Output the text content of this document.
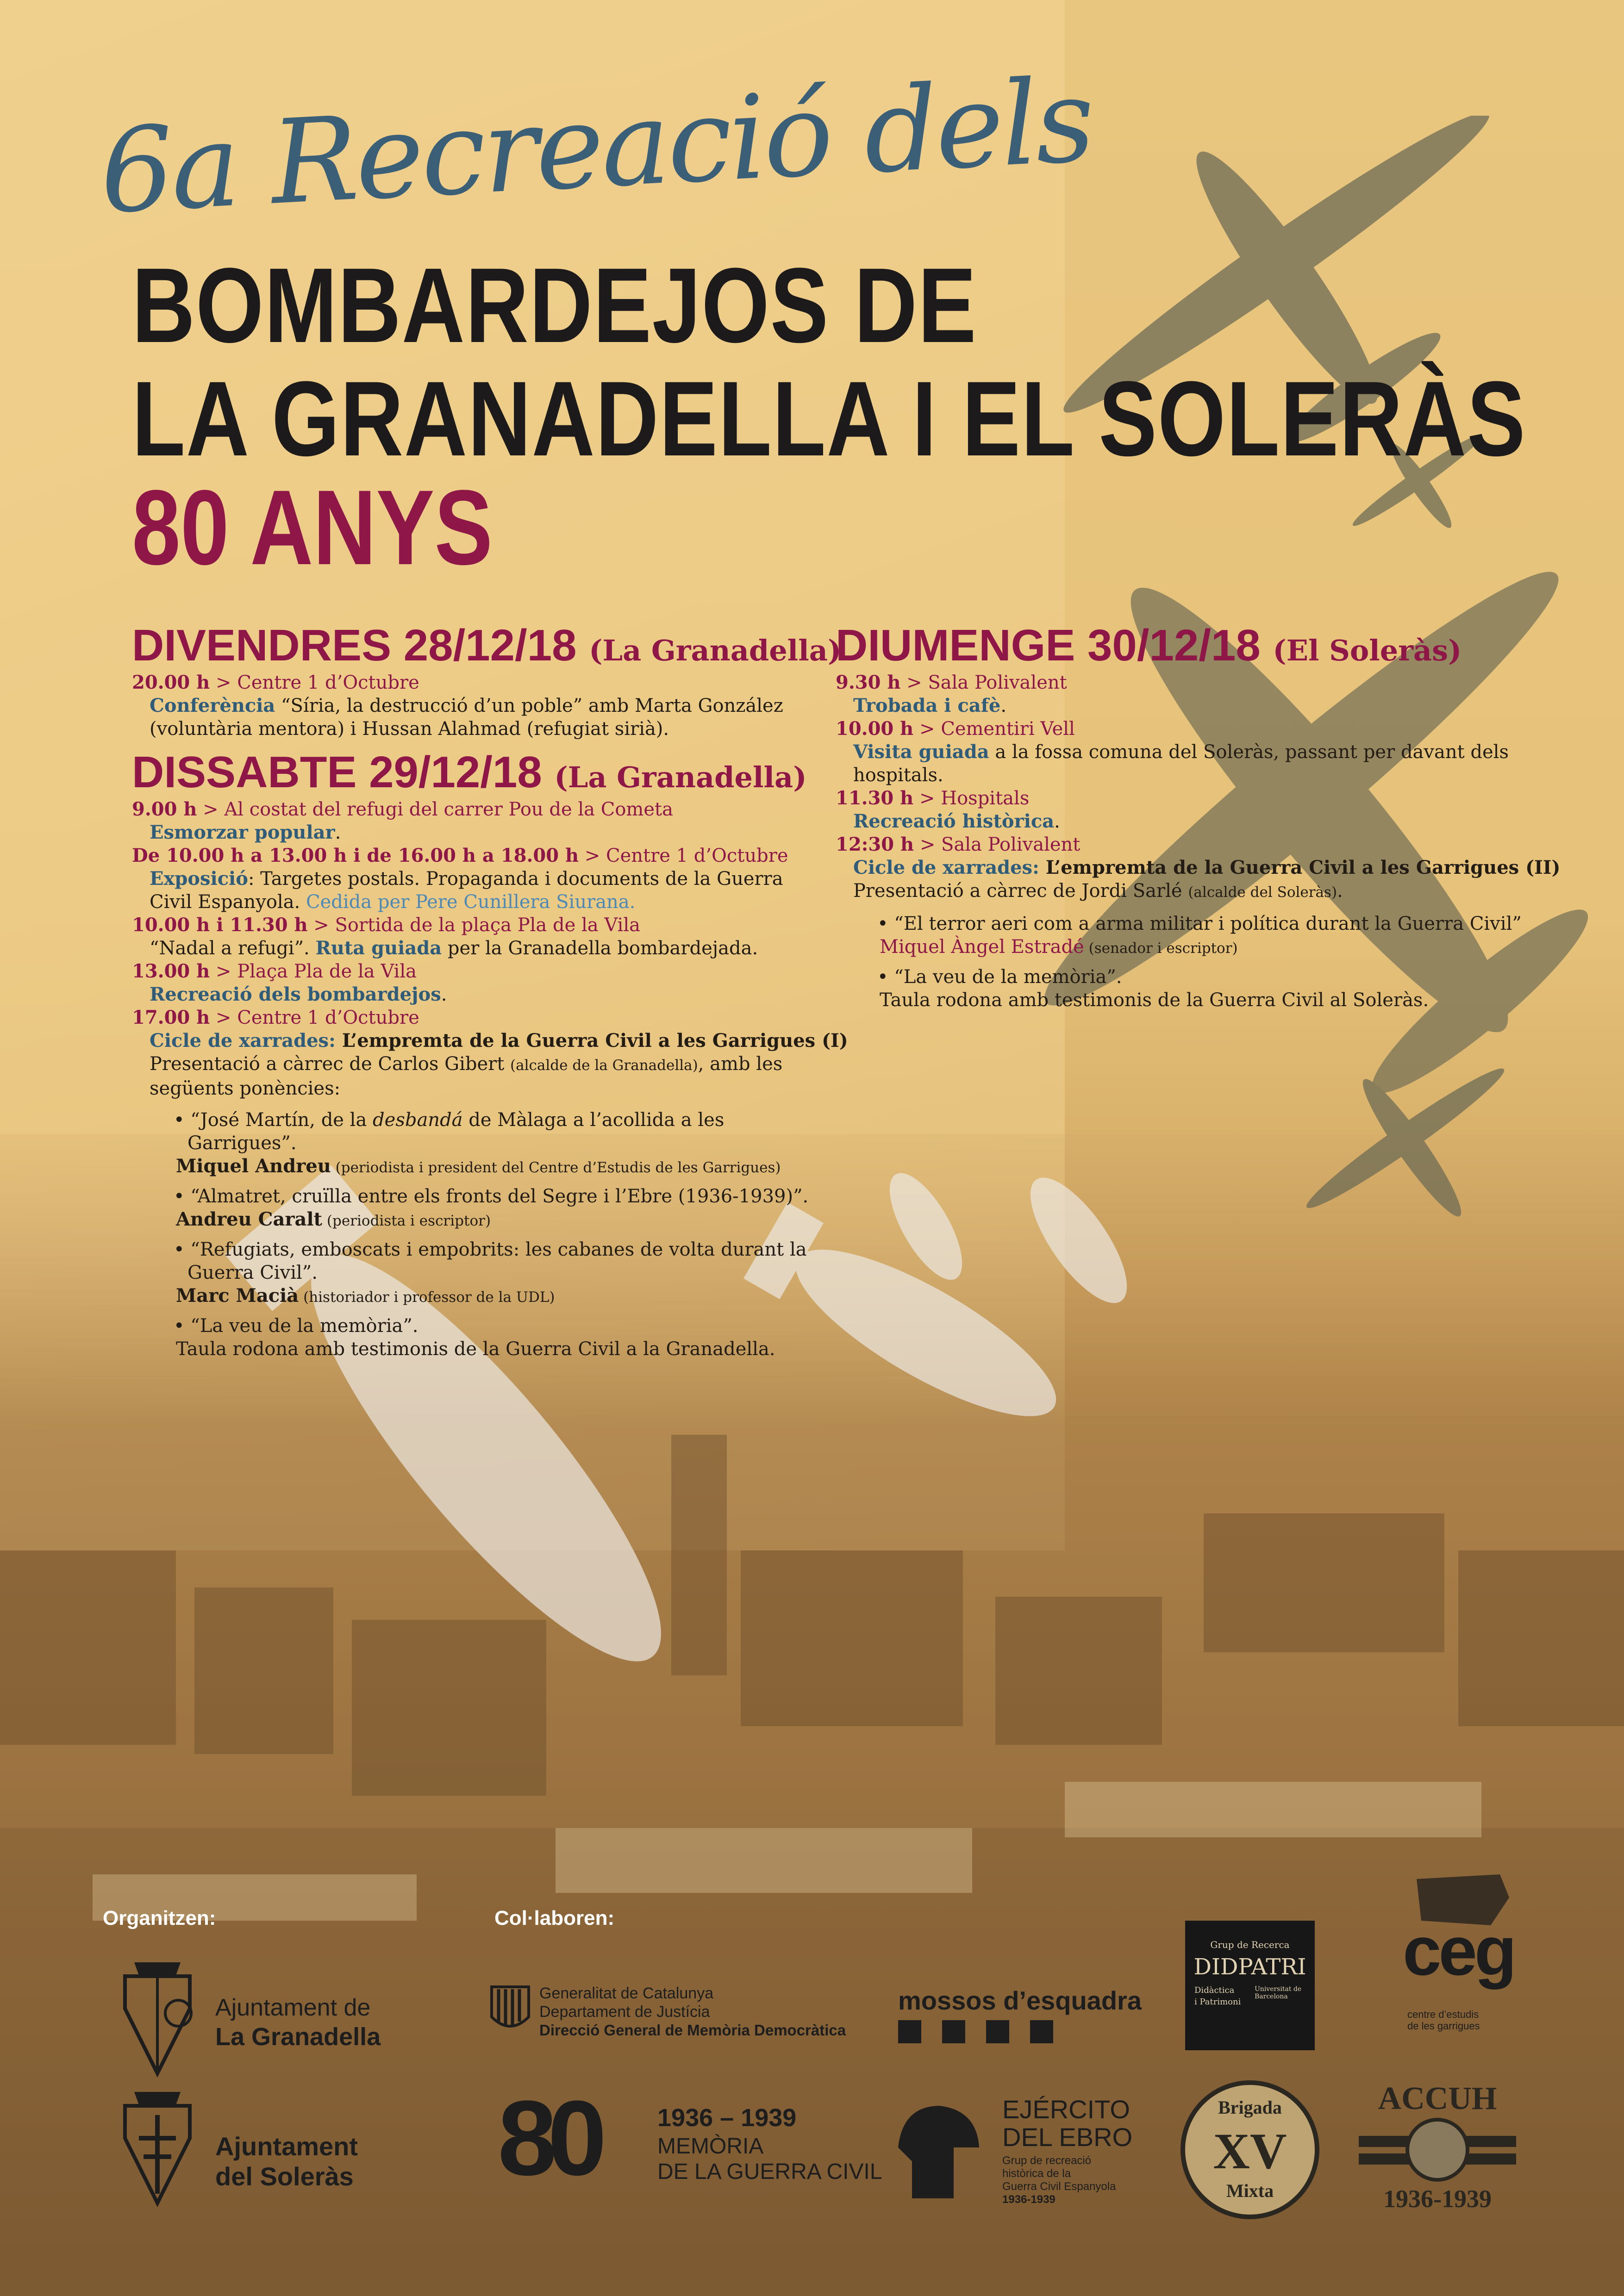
6a Recreació dels
BOMBARDEJOS DE
LA GRANADELLA I EL SOLERÀS
80 ANYS
DIVENDRES 28/12/18 (La Granadella)
20.00 h > Centre 1 d’Octubre
Conferència “Síria, la destrucció d’un poble” amb Marta González
(voluntària mentora) i Hussan Alahmad (refugiat sirià).
DISSABTE 29/12/18 (La Granadella)
9.00 h > Al costat del refugi del carrer Pou de la Cometa
Esmorzar popular.
De 10.00 h a 13.00 h i de 16.00 h a 18.00 h > Centre 1 d’Octubre
Exposició: Targetes postals. Propaganda i documents de la Guerra
Civil Espanyola. Cedida per Pere Cunillera Siurana.
10.00 h i 11.30 h > Sortida de la plaça Pla de la Vila
“Nadal a refugi”. Ruta guiada per la Granadella bombardejada.
13.00 h > Plaça Pla de la Vila
Recreació dels bombardejos.
17.00 h > Centre 1 d’Octubre
Cicle de xarrades: L’empremta de la Guerra Civil a les Garrigues (I)
Presentació a càrrec de Carlos Gibert (alcalde de la Granadella), amb les
següents ponències:
• “José Martín, de la desbandá de Màlaga a l’acollida a les
Garrigues”.
Miquel Andreu (periodista i president del Centre d’Estudis de les Garrigues)
• “Almatret, cruïlla entre els fronts del Segre i l’Ebre (1936-1939)”.
Andreu Caralt (periodista i escriptor)
• “Refugiats, emboscats i empobrits: les cabanes de volta durant la
Guerra Civil”.
Marc Macià (historiador i professor de la UDL)
• “La veu de la memòria”.
Taula rodona amb testimonis de la Guerra Civil a la Granadella.
DIUMENGE 30/12/18 (El Soleràs)
9.30 h > Sala Polivalent
Trobada i cafè.
10.00 h > Cementiri Vell
Visita guiada a la fossa comuna del Soleràs, passant per davant dels
hospitals.
11.30 h > Hospitals
Recreació històrica.
12:30 h > Sala Polivalent
Cicle de xarrades: L’empremta de la Guerra Civil a les Garrigues (II)
Presentació a càrrec de Jordi Sarlé (alcalde del Soleràs).
• “El terror aeri com a arma militar i política durant la Guerra Civil”
Miquel Àngel Estradé (senador i escriptor)
• “La veu de la memòria”.
Taula rodona amb testimonis de la Guerra Civil al Soleràs.
Organitzen:	Col·laboren:
Ajuntament de
La Granadella
Ajuntament
del Soleràs
Generalitat de Catalunya
Departament de Justícia
Direcció General de Memòria Democràtica
mossos d’esquadra
Grup de Recerca
DIDPATRI
Didàctica
i Patrimoni
Universitat de Barcelona
ceg
centre d’estudis
de les garrigues
80 1936 – 1939
MEMÒRIA
DE LA GUERRA CIVIL
EJÉRCITO
DEL EBRO
Grup de recreació
històrica de la
Guerra Civil Espanyola
1936-1939
Brigada
XV
Mixta
ACCUH
1936-1939
